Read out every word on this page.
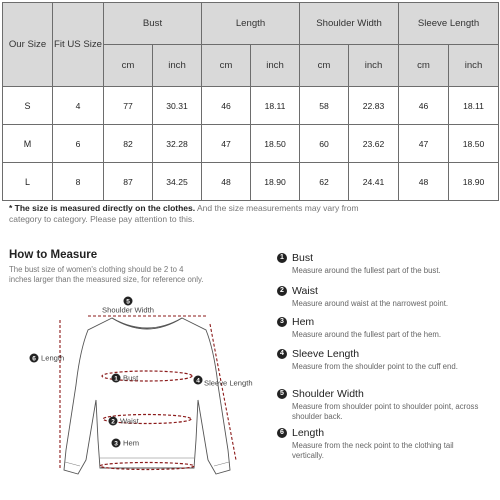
Our Size	Fit US Size	Bust		Length		Shoulder Width		Sleeve Length	
		cm	inch	cm	inch	cm	inch	cm	inch
S	4	77	30.31	46	18.11	58	22.83	46	18.11
M	6	82	32.28	47	18.50	60	23.62	47	18.50
L	8	87	34.25	48	18.90	62	24.41	48	18.90

* The size is measured directly on the clothes. And the size measurements may vary from category to category. Please pay attention to this.

How to Measure

The bust size of women's clothing should be 2 to 4 inches larger than the measured size, for reference only.

5
Shoulder Width
6 Length
1 Bust	4 Sleeve Length
2 Waist
3 Hem
1 Bust
Measure around the fullest part of the bust.
2 Waist
Measure around waist at the narrowest point.
3 Hem
Measure around the fullest part of the hem.
4 Sleeve Length
Measure from the shoulder point to the cuff end.
5 Shoulder Width
Measure from shoulder point to shoulder point, across shoulder back.
6 Length
Measure from the neck point to the clothing tail vertically.
